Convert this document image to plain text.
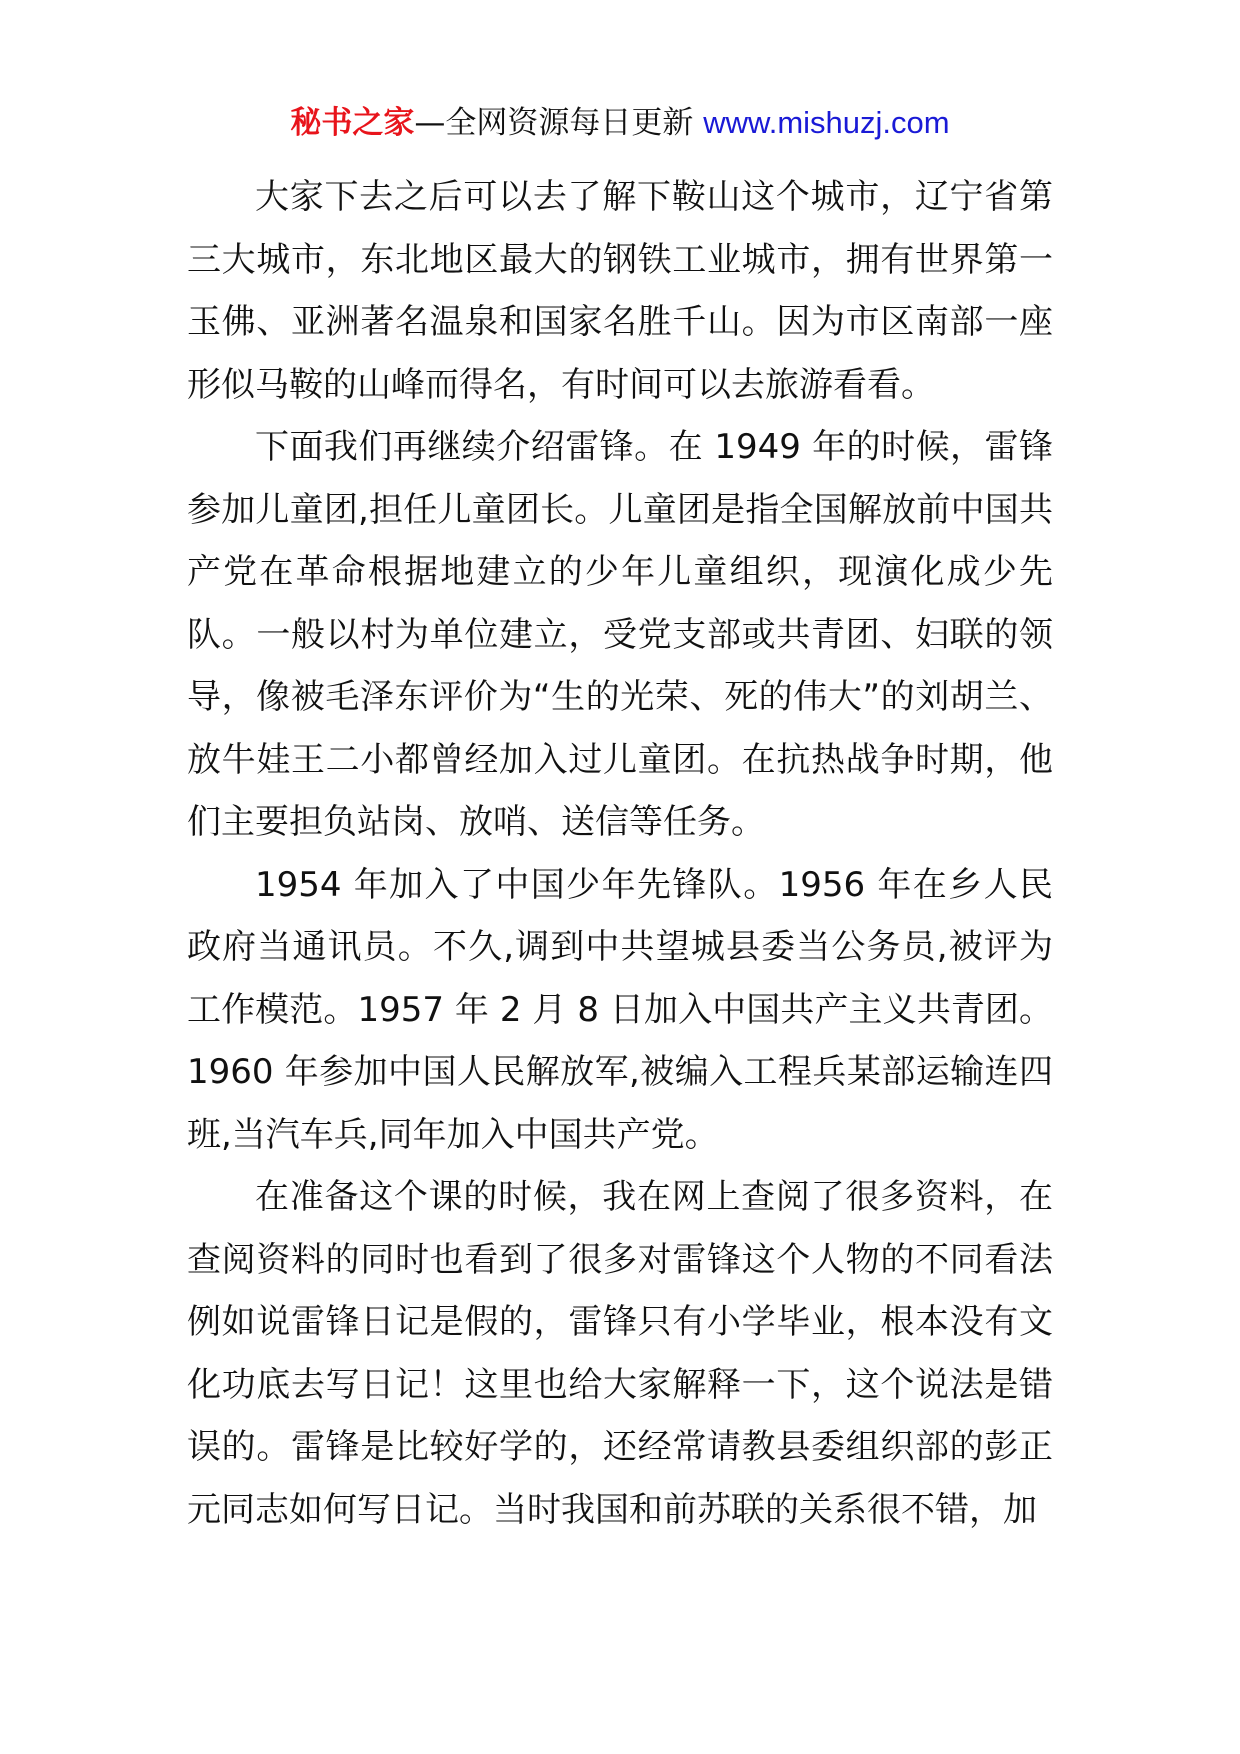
秘书之家—全网资源每日更新 www.mishuzj.com

大家下去之后可以去了解下鞍山这个城市，辽宁省第三大城市，东北地区最大的钢铁工业城市，拥有世界第一玉佛、亚洲著名温泉和国家名胜千山。因为市区南部一座形似马鞍的山峰而得名，有时间可以去旅游看看。

下面我们再继续介绍雷锋。在 1949 年的时候，雷锋参加儿童团,担任儿童团长。儿童团是指全国解放前中国共产党在革命根据地建立的少年儿童组织，现演化成少先队。一般以村为单位建立，受党支部或共青团、妇联的领导，像被毛泽东评价为“生的光荣、死的伟大”的刘胡兰、放牛娃王二小都曾经加入过儿童团。在抗热战争时期，他们主要担负站岗、放哨、送信等任务。

1954 年加入了中国少年先锋队。1956 年在乡人民政府当通讯员。不久,调到中共望城县委当公务员,被评为工作模范。1957 年 2 月 8 日加入中国共产主义共青团。1960 年参加中国人民解放军,被编入工程兵某部运输连四班,当汽车兵,同年加入中国共产党。

在准备这个课的时候，我在网上查阅了很多资料，在查阅资料的同时也看到了很多对雷锋这个人物的不同看法例如说雷锋日记是假的，雷锋只有小学毕业，根本没有文化功底去写日记！这里也给大家解释一下，这个说法是错误的。雷锋是比较好学的，还经常请教县委组织部的彭正元同志如何写日记。当时我国和前苏联的关系很不错，加
